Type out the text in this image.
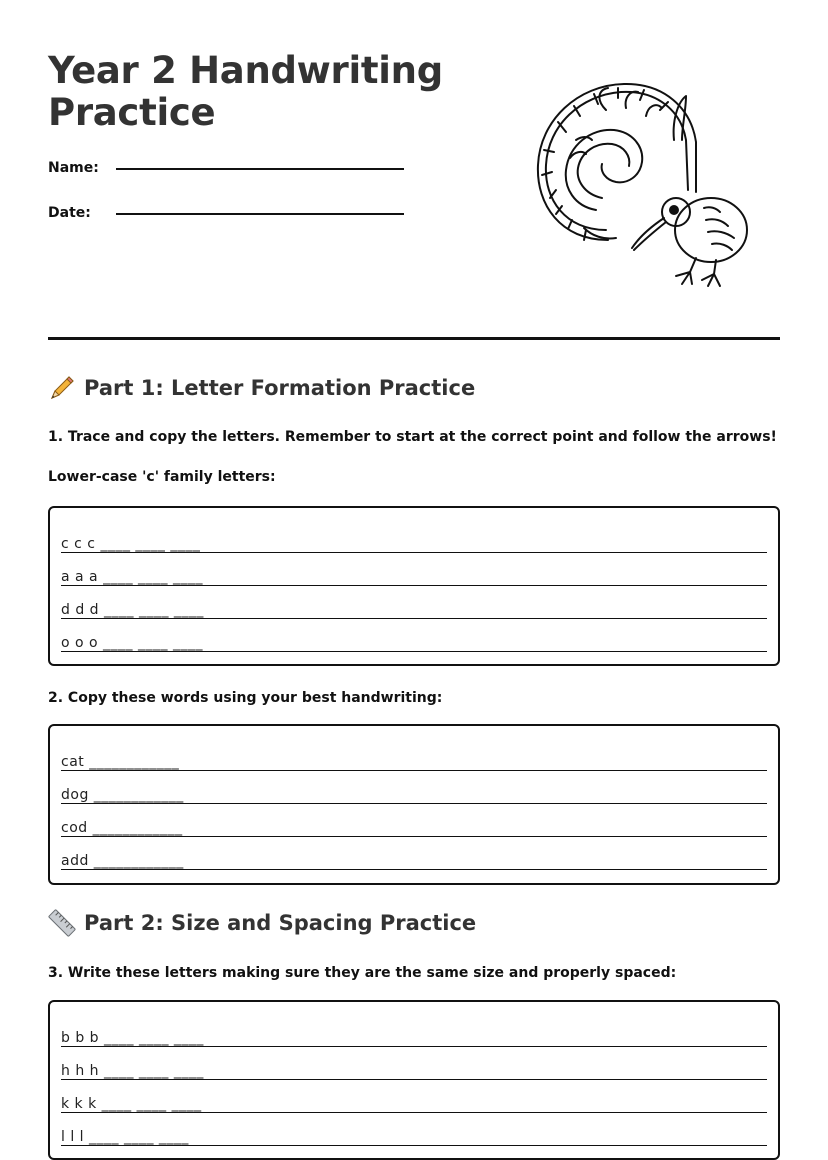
Year 2 Handwriting
Practice
Name:
Date:
Part 1: Letter Formation Practice
1. Trace and copy the letters. Remember to start at the correct point and follow the arrows!
Lower-case 'c' family letters:
c c c ____ ____ ____
a a a ____ ____ ____
d d d ____ ____ ____
o o o ____ ____ ____
2. Copy these words using your best handwriting:
cat ____________
dog ____________
cod ____________
add ____________
Part 2: Size and Spacing Practice
3. Write these letters making sure they are the same size and properly spaced:
b b b ____ ____ ____
h h h ____ ____ ____
k k k ____ ____ ____
l l l ____ ____ ____
